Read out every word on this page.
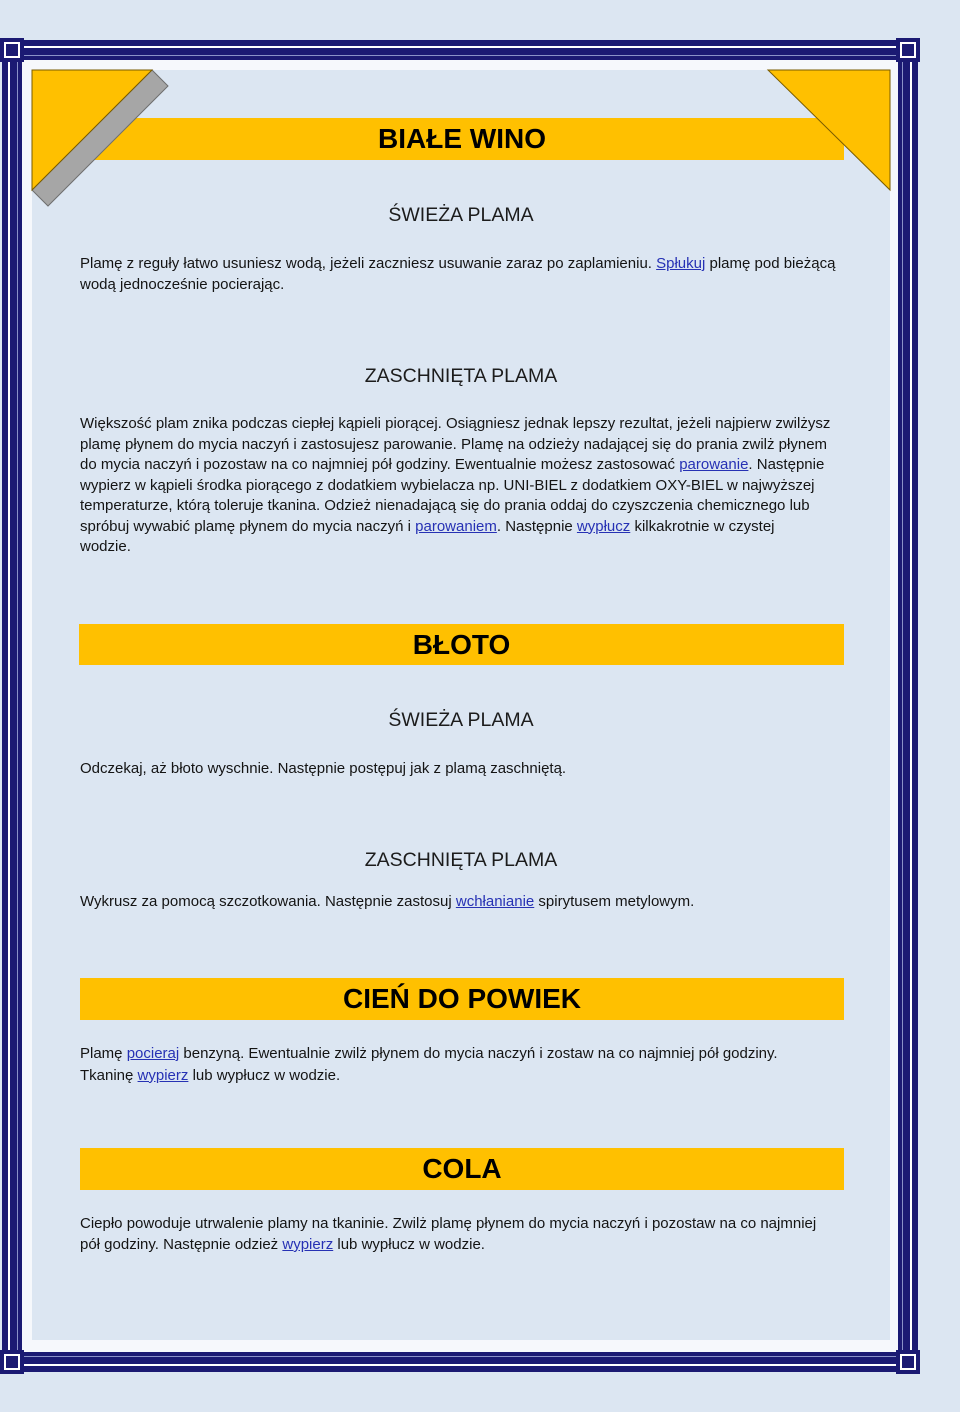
BIAŁE WINO
ŚWIEŻA PLAMA
Plamę z reguły łatwo usuniesz wodą, jeżeli zaczniesz usuwanie zaraz po zaplamieniu. Spłukuj plamę pod bieżącą
wodą jednocześnie pocierając.
ZASCHNIĘTA PLAMA
Większość plam znika podczas ciepłej kąpieli piorącej. Osiągniesz jednak lepszy rezultat, jeżeli najpierw zwilżysz
plamę płynem do mycia naczyń i zastosujesz parowanie. Plamę na odzieży nadającej się do prania zwilż płynem
do mycia naczyń i pozostaw na co najmniej pół godziny. Ewentualnie możesz zastosować parowanie. Następnie
wypierz w kąpieli środka piorącego z dodatkiem wybielacza np. UNI-BIEL z dodatkiem OXY-BIEL w najwyższej
temperaturze, którą toleruje tkanina. Odzież nienadającą się do prania oddaj do czyszczenia chemicznego lub
spróbuj wywabić plamę płynem do mycia naczyń i parowaniem. Następnie wypłucz kilkakrotnie w czystej
wodzie.
BŁOTO
ŚWIEŻA PLAMA
Odczekaj, aż błoto wyschnie. Następnie postępuj jak z plamą zaschniętą.
ZASCHNIĘTA PLAMA
Wykrusz za pomocą szczotkowania. Następnie zastosuj wchłanianie spirytusem metylowym.
CIEŃ DO POWIEK
Plamę pocieraj benzyną. Ewentualnie zwilż płynem do mycia naczyń i zostaw na co najmniej pół godziny.
Tkaninę wypierz lub wypłucz w wodzie.
COLA
Ciepło powoduje utrwalenie plamy na tkaninie. Zwilż plamę płynem do mycia naczyń i pozostaw na co najmniej
pół godziny. Następnie odzież wypierz lub wypłucz w wodzie.
